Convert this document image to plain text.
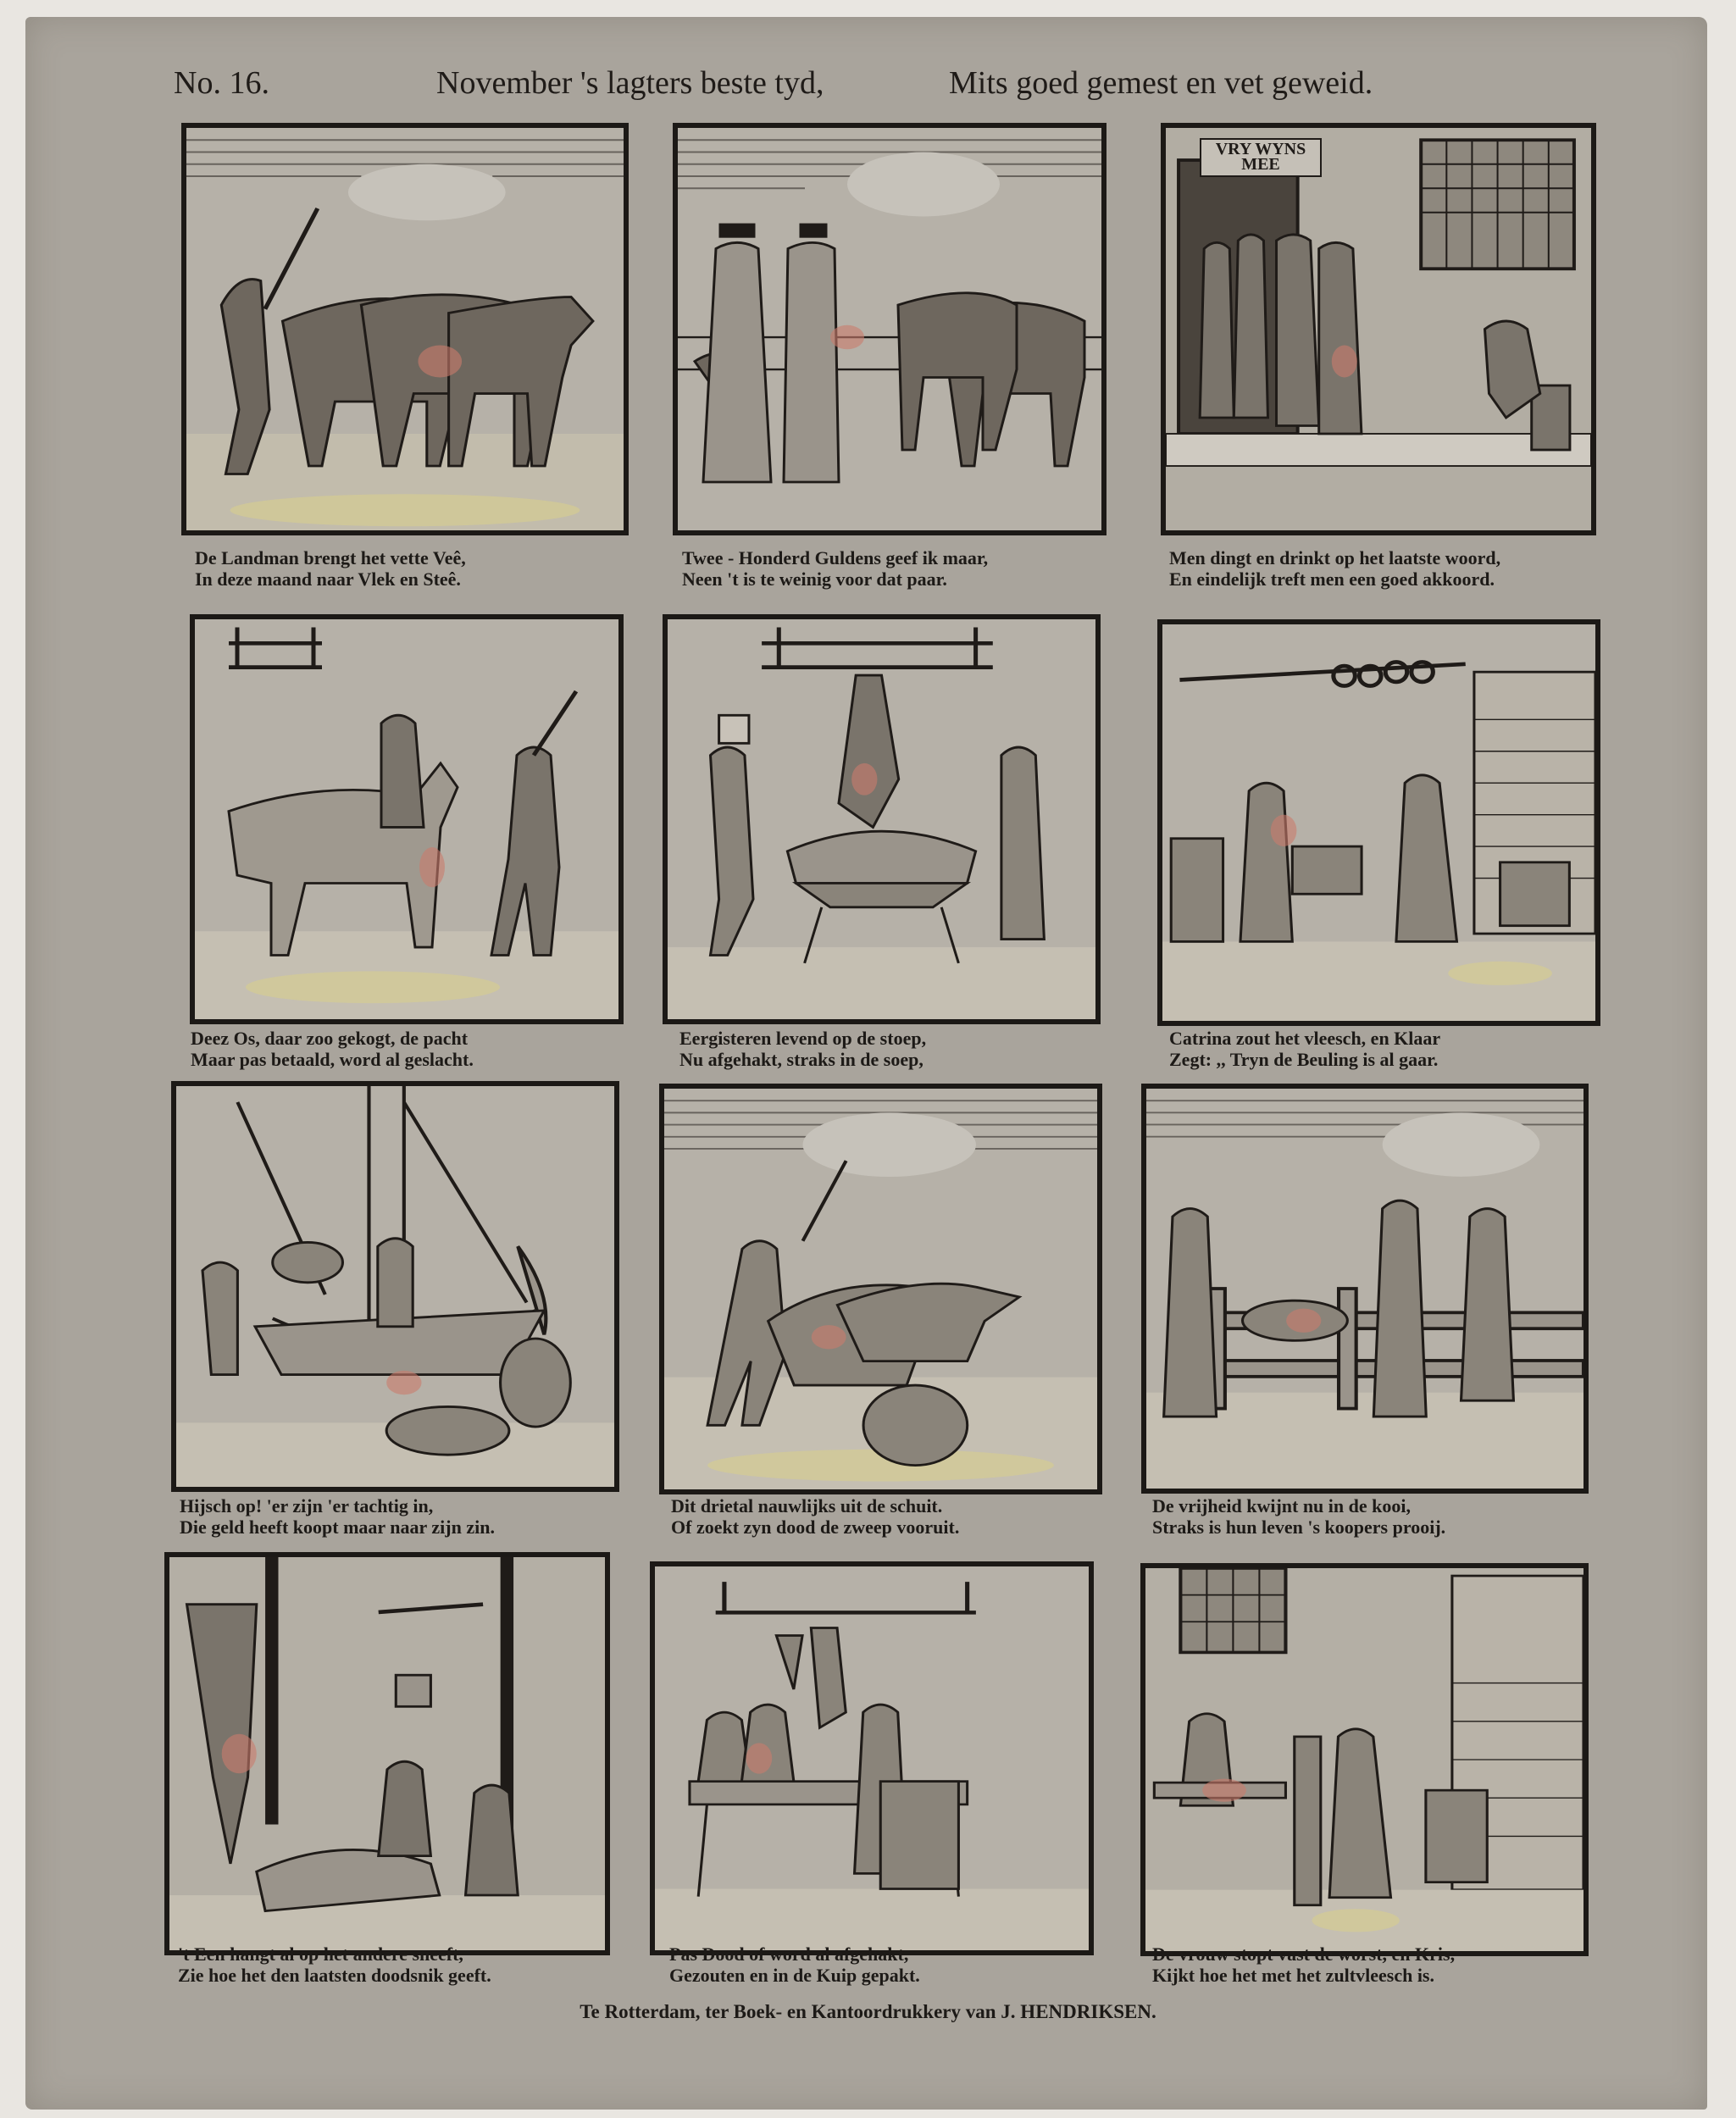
No. 16.	November 's lagters beste tyd,	Mits goed gemest en vet geweid.
De Landman brengt het vette Veê,
In deze maand naar Vlek en Steê.
Twee - Honderd Guldens geef ik maar,
Neen 't is te weinig voor dat paar.
VRY WYNS MEE
Men dingt en drinkt op het laatste woord,
En eindelijk treft men een goed akkoord.
Deez Os, daar zoo gekogt, de pacht
Maar pas betaald, word al geslacht.
Eergisteren levend op de stoep,
Nu afgehakt, straks in de soep,
Catrina zout het vleesch, en Klaar
Zegt: ,, Tryn de Beuling is al gaar.
Hijsch op! 'er zijn 'er tachtig in,
Die geld heeft koopt maar naar zijn zin.
Dit drietal nauwlijks uit de schuit.
Of zoekt zyn dood de zweep vooruit.
De vrijheid kwijnt nu in de kooi,
Straks is hun leven 's koopers prooij.
't Een hangt al op het andere sneeft,
Zie hoe het den laatsten doodsnik geeft.
Pas Dood of word al afgehakt,
Gezouten en in de Kuip gepakt.
De vrouw stopt vast de worst, en Kris,
Kijkt hoe het met het zultvleesch is.
Te Rotterdam, ter Boek- en Kantoordrukkery van J. HENDRIKSEN.
